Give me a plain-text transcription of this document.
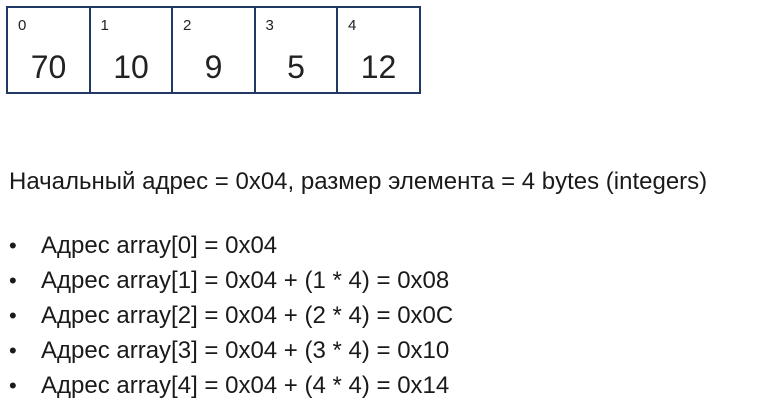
0
70
1
10
2
9
3
5
4
12
Начальный адрес = 0x04, размер элемента = 4 bytes (integers)
• Адрес array[0] = 0x04
• Адрес array[1] = 0x04 + (1 * 4) = 0x08
• Адрес array[2] = 0x04 + (2 * 4) = 0x0C
• Адрес array[3] = 0x04 + (3 * 4) = 0x10
• Адрес array[4] = 0x04 + (4 * 4) = 0x14
